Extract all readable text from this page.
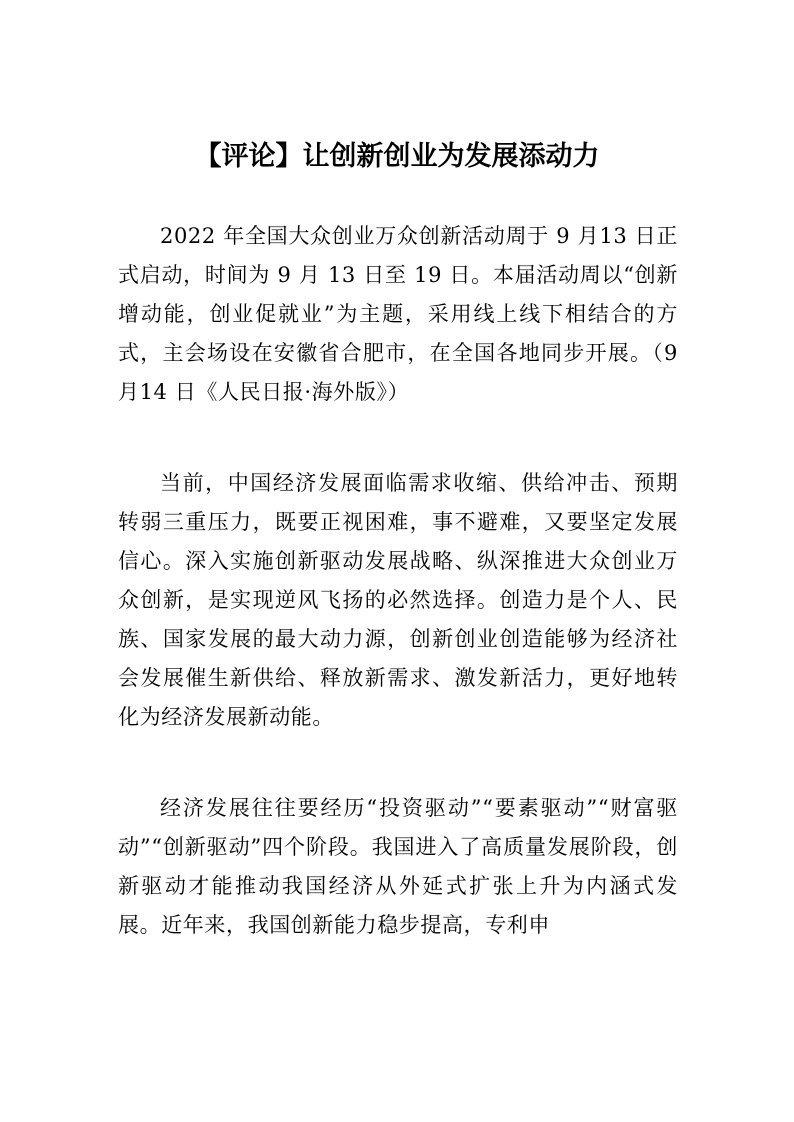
【评论】让创新创业为发展添动力

2022 年全国大众创业万众创新活动周于 9 月13 日正式启动，时间为 9 月 13 日至 19 日。本届活动周以“创新增动能，创业促就业”为主题，采用线上线下相结合的方式，主会场设在安徽省合肥市，在全国各地同步开展。（9 月14 日《人民日报·海外版》）

当前，中国经济发展面临需求收缩、供给冲击、预期转弱三重压力，既要正视困难，事不避难，又要坚定发展信心。深入实施创新驱动发展战略、纵深推进大众创业万众创新，是实现逆风飞扬的必然选择。创造力是个人、民族、国家发展的最大动力源，创新创业创造能够为经济社会发展催生新供给、释放新需求、激发新活力，更好地转化为经济发展新动能。

经济发展往往要经历“投资驱动”“要素驱动”“财富驱动”“创新驱动”四个阶段。我国进入了高质量发展阶段，创新驱动才能推动我国经济从外延式扩张上升为内涵式发展。近年来，我国创新能力稳步提高，专利申
